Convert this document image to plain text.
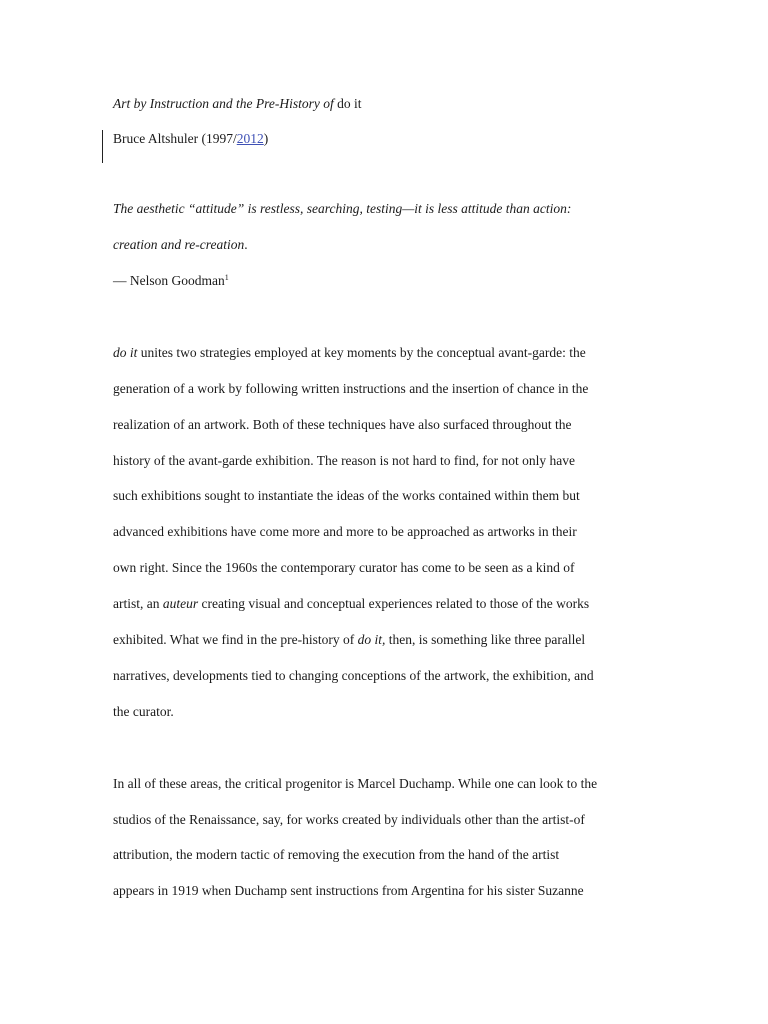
Art by Instruction and the Pre-History of do it
Bruce Altshuler (1997/2012)
The aesthetic “attitude” is restless, searching, testing—it is less attitude than action:
creation and re-creation.
— Nelson Goodman$^1$
do it unites two strategies employed at key moments by the conceptual avant-garde: the
generation of a work by following written instructions and the insertion of chance in the
realization of an artwork. Both of these techniques have also surfaced throughout the
history of the avant-garde exhibition. The reason is not hard to find, for not only have
such exhibitions sought to instantiate the ideas of the works contained within them but
advanced exhibitions have come more and more to be approached as artworks in their
own right. Since the 1960s the contemporary curator has come to be seen as a kind of
artist, an auteur creating visual and conceptual experiences related to those of the works
exhibited. What we find in the pre-history of do it, then, is something like three parallel
narratives, developments tied to changing conceptions of the artwork, the exhibition, and
the curator.
In all of these areas, the critical progenitor is Marcel Duchamp. While one can look to the
studios of the Renaissance, say, for works created by individuals other than the artist-of
attribution, the modern tactic of removing the execution from the hand of the artist
appears in 1919 when Duchamp sent instructions from Argentina for his sister Suzanne
